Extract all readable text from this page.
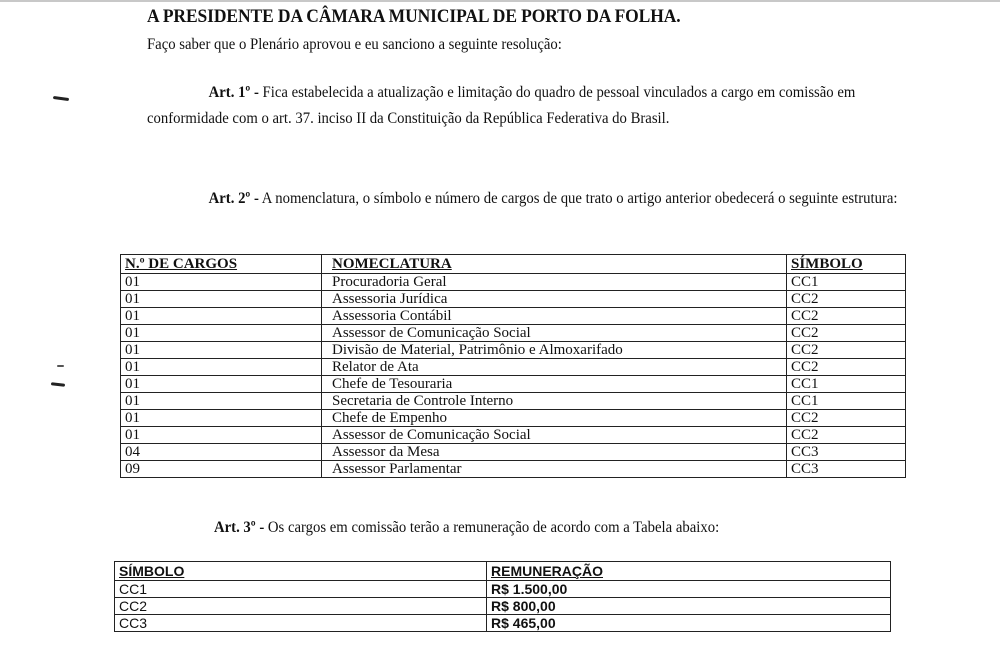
A PRESIDENTE DA CÂMARA MUNICIPAL DE PORTO DA FOLHA.
Faço saber que o Plenário aprovou e eu sanciono a seguinte resolução:
Art. 1º - Fica estabelecida a atualização e limitação do quadro de pessoal vinculados a cargo em comissão em conformidade com o art. 37. inciso II da Constituição da República Federativa do Brasil.
Art. 2º - A nomenclatura, o símbolo e número de cargos de que trato o artigo anterior obedecerá o seguinte estrutura:
N.º DE CARGOS	NOMECLATURA	SÍMBOLO
01	Procuradoria Geral	CC1
01	Assessoria Jurídica	CC2
01	Assessoria Contábil	CC2
01	Assessor de Comunicação Social	CC2
01	Divisão de Material, Patrimônio e Almoxarifado	CC2
01	Relator de Ata	CC2
01	Chefe de Tesouraria	CC1
01	Secretaria de Controle Interno	CC1
01	Chefe de Empenho	CC2
01	Assessor de Comunicação Social	CC2
04	Assessor da Mesa	CC3
09	Assessor Parlamentar	CC3
Art. 3º - Os cargos em comissão terão a remuneração de acordo com a Tabela abaixo:
SÍMBOLO	REMUNERAÇÃO
CC1	R$ 1.500,00
CC2	R$ 800,00
CC3	R$ 465,00
